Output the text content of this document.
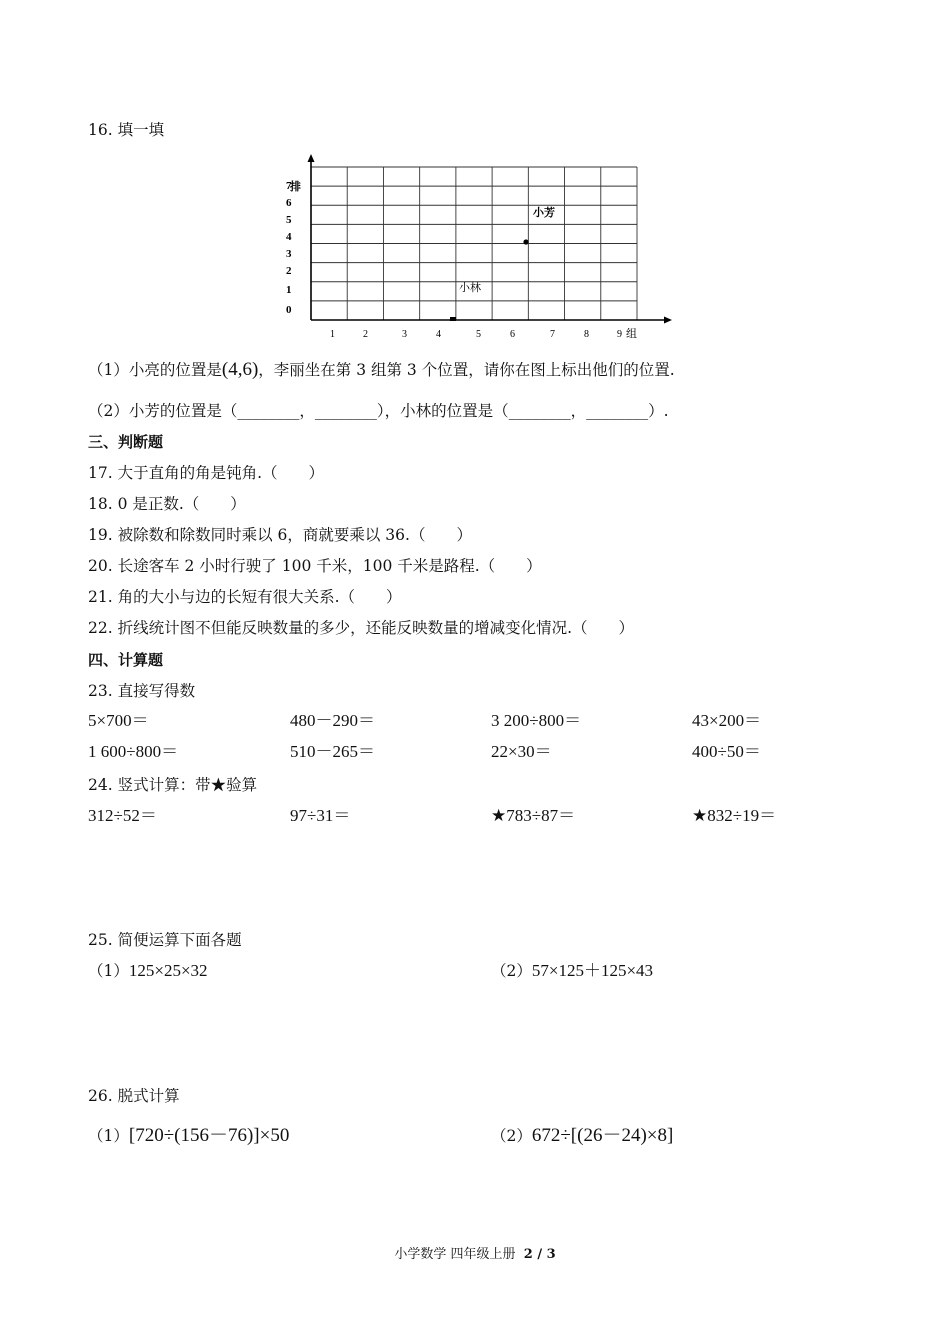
16. 填一填
1	2	3	4	5	6	7	8	9
0
1
2
3
4
5
6
7
组
排
小芳
小林
（1）小亮的位置是(4,6)，李丽坐在第 3 组第 3 个位置，请你在图上标出他们的位置.
（2）小芳的位置是（________，________），小林的位置是（________，________）.
三、判断题
17. 大于直角的角是钝角.（　　）
18. 0 是正数.（　　）
19. 被除数和除数同时乘以 6，商就要乘以 36.（　　）
20. 长途客车 2 小时行驶了 100 千米，100 千米是路程.（　　）
21. 角的大小与边的长短有很大关系.（　　）
22. 折线统计图不但能反映数量的多少，还能反映数量的增减变化情况.（　　）
四、计算题
23. 直接写得数
5×700＝	480－290＝	3 200÷800＝	43×200＝
1 600÷800＝	510－265＝	22×30＝	400÷50＝
24. 竖式计算：带★验算
312÷52＝	97÷31＝	★783÷87＝	★832÷19＝
25. 简便运算下面各题
（1）125×25×32	（2）57×125＋125×43
26. 脱式计算
（1）[720÷(156－76)]×50	（2）672÷[(26－24)×8]
小学数学 四年级上册 2 / 3
